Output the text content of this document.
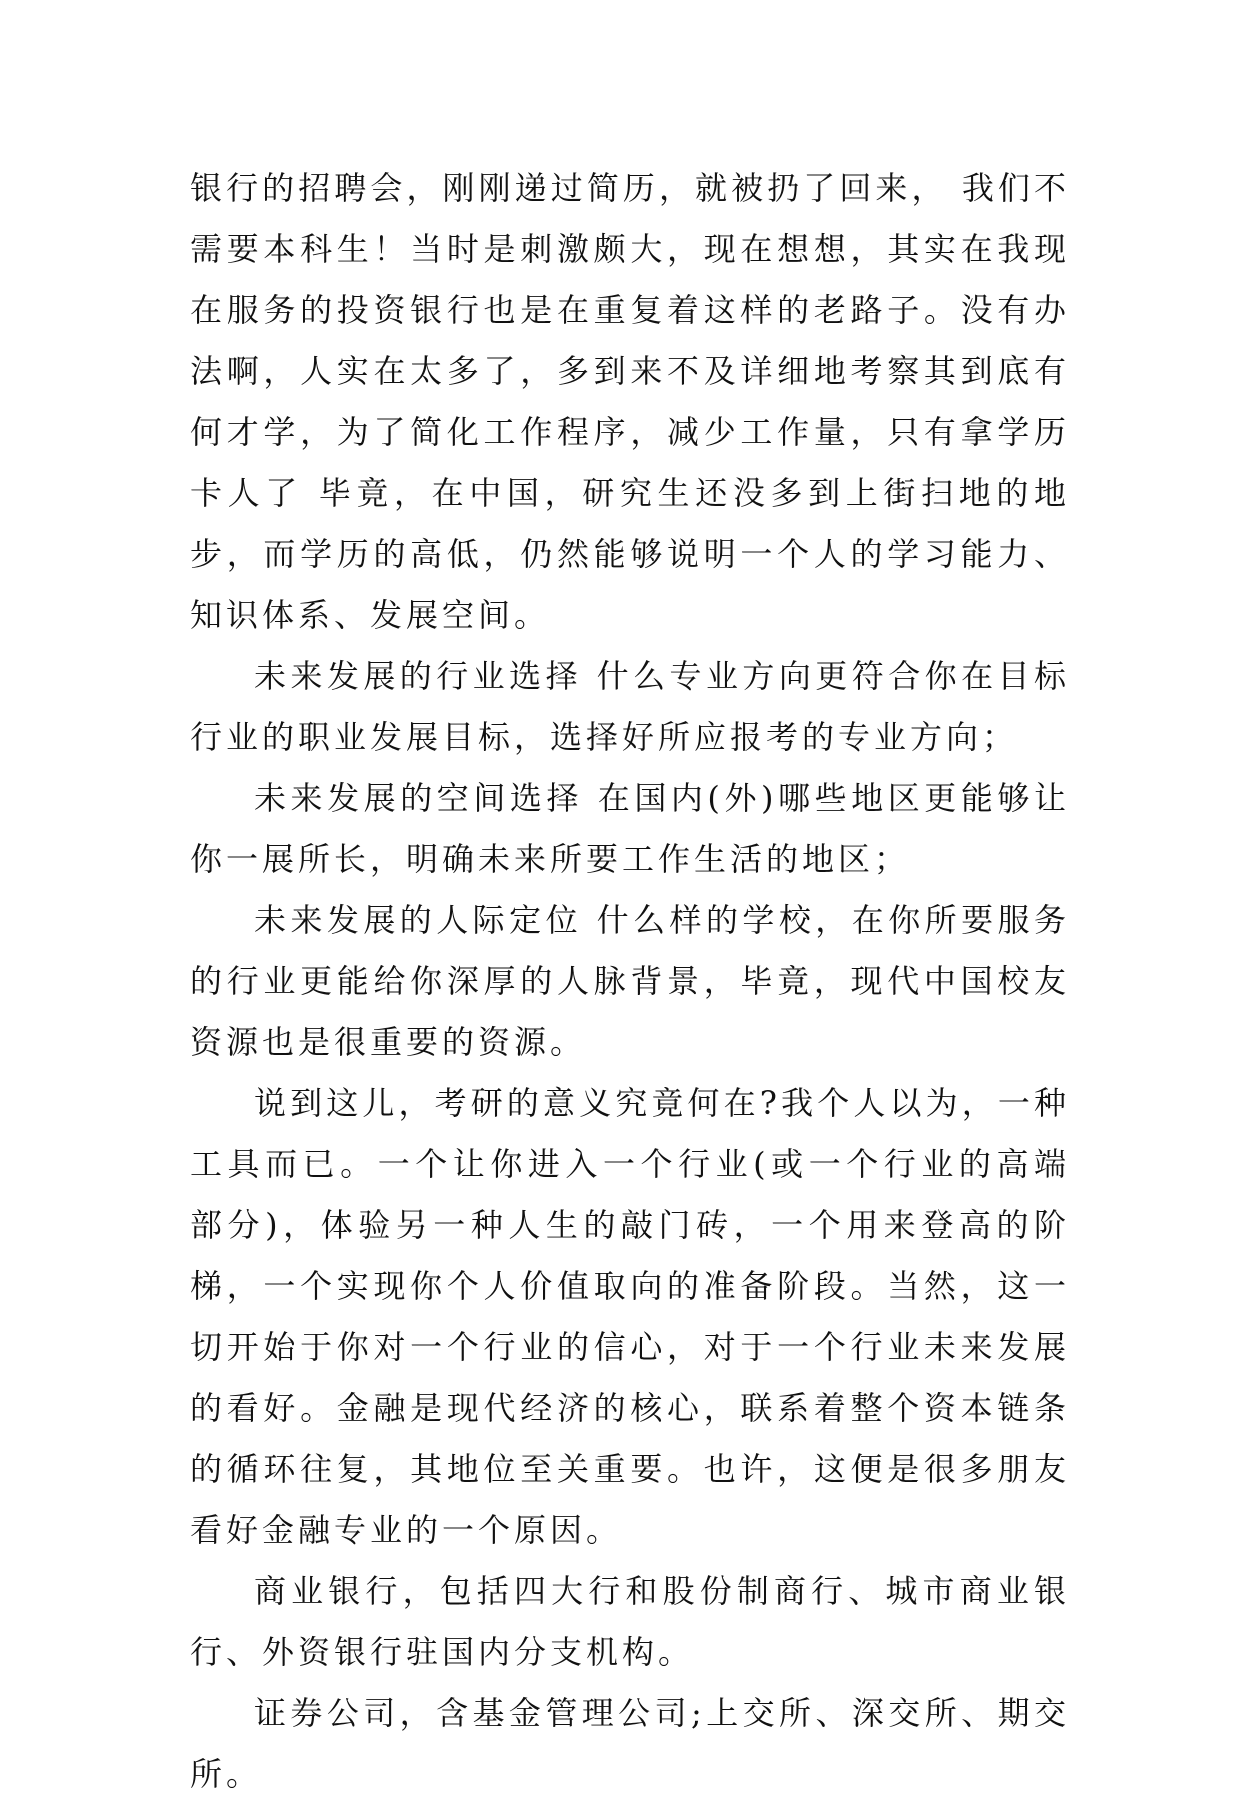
银行的招聘会，刚刚递过简历，就被扔了回来， 我们不需要本科生！当时是刺激颇大，现在想想，其实在我现在服务的投资银行也是在重复着这样的老路子。没有办法啊，人实在太多了，多到来不及详细地考察其到底有何才学，为了简化工作程序，减少工作量，只有拿学历卡人了 毕竟，在中国，研究生还没多到上街扫地的地步，而学历的高低，仍然能够说明一个人的学习能力、知识体系、发展空间。

未来发展的行业选择 什么专业方向更符合你在目标行业的职业发展目标，选择好所应报考的专业方向；

未来发展的空间选择 在国内(外)哪些地区更能够让你一展所长，明确未来所要工作生活的地区；

未来发展的人际定位 什么样的学校，在你所要服务的行业更能给你深厚的人脉背景，毕竟，现代中国校友资源也是很重要的资源。

说到这儿，考研的意义究竟何在?我个人以为，一种工具而已。一个让你进入一个行业(或一个行业的高端部分)，体验另一种人生的敲门砖，一个用来登高的阶梯，一个实现你个人价值取向的准备阶段。当然，这一切开始于你对一个行业的信心，对于一个行业未来发展的看好。金融是现代经济的核心，联系着整个资本链条的循环往复，其地位至关重要。也许，这便是很多朋友看好金融专业的一个原因。

商业银行，包括四大行和股份制商行、城市商业银行、外资银行驻国内分支机构。

证券公司，含基金管理公司;上交所、深交所、期交所。
